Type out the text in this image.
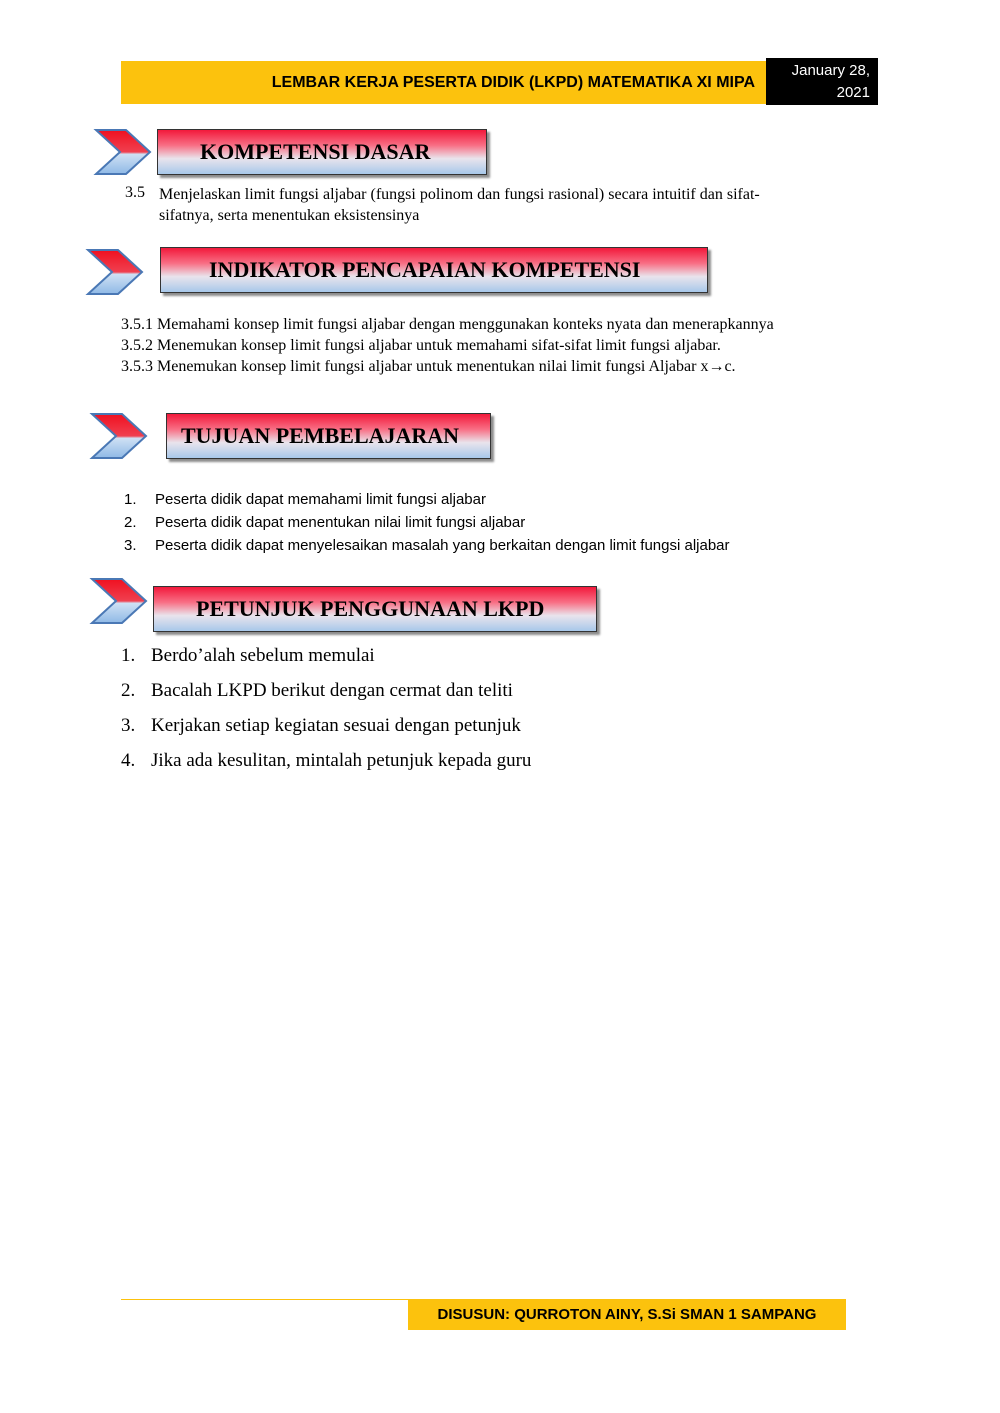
LEMBAR KERJA PESERTA DIDIK (LKPD) MATEMATIKA XI MIPA
January 28,
2021
KOMPETENSI DASAR
3.5 Menjelaskan limit fungsi aljabar (fungsi polinom dan fungsi rasional) secara intuitif dan sifat-
sifatnya, serta menentukan eksistensinya
INDIKATOR PENCAPAIAN KOMPETENSI
3.5.1 Memahami konsep limit fungsi aljabar dengan menggunakan konteks nyata dan menerapkannya
3.5.2 Menemukan konsep limit fungsi aljabar untuk memahami sifat-sifat limit fungsi aljabar.
3.5.3 Menemukan konsep limit fungsi aljabar untuk menentukan nilai limit fungsi Aljabar x→c.
TUJUAN PEMBELAJARAN
1.	Peserta didik dapat memahami limit fungsi aljabar
2.	Peserta didik dapat menentukan nilai limit fungsi aljabar
3.	Peserta didik dapat menyelesaikan masalah yang berkaitan dengan limit fungsi aljabar
PETUNJUK PENGGUNAAN LKPD
1. Berdo’alah sebelum memulai
2. Bacalah LKPD berikut dengan cermat dan teliti
3. Kerjakan setiap kegiatan sesuai dengan petunjuk
4. Jika ada kesulitan, mintalah petunjuk kepada guru
DISUSUN: QURROTON AINY, S.Si SMAN 1 SAMPANG
